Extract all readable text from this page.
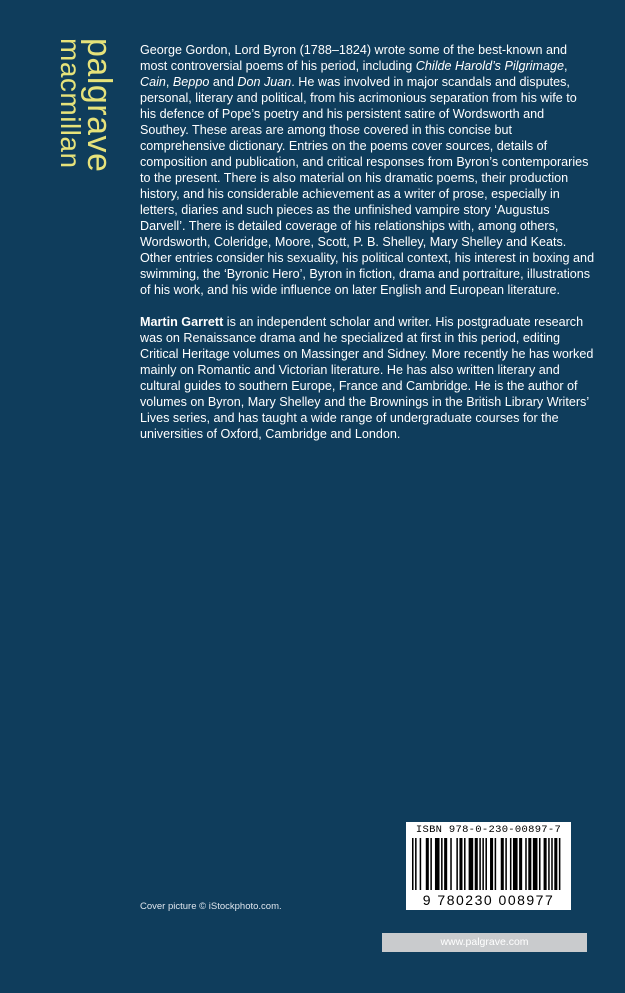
palgrave
macmillan	George Gordon, Lord Byron (1788–1824) wrote some of the best-known and most controversial poems of his period, including Childe Harold’s Pilgrimage, Cain, Beppo and Don Juan. He was involved in major scandals and disputes, personal, literary and political, from his acrimonious separation from his wife to his defence of Pope’s poetry and his persistent satire of Wordsworth and Southey. These areas are among those covered in this concise but comprehensive dictionary. Entries on the poems cover sources, details of composition and publication, and critical responses from Byron’s contemporaries to the present. There is also material on his dramatic poems, their production history, and his considerable achievement as a writer of prose, especially in letters, diaries and such pieces as the unfinished vampire story ‘Augustus Darvell’. There is detailed coverage of his relationships with, among others, Wordsworth, Coleridge, Moore, Scott, P. B. Shelley, Mary Shelley and Keats. Other entries consider his sexuality, his political context, his interest in boxing and swimming, the ‘Byronic Hero’, Byron in fiction, drama and portraiture, illustrations of his work, and his wide influence on later English and European literature.

Martin Garrett is an independent scholar and writer. His postgraduate research was on Renaissance drama and he specialized at first in this period, editing Critical Heritage volumes on Massinger and Sidney. More recently he has worked mainly on Romantic and Victorian literature. He has also written literary and cultural guides to southern Europe, France and Cambridge. He is the author of volumes on Byron, Mary Shelley and the Brownings in the British Library Writers’ Lives series, and has taught a wide range of undergraduate courses for the universities of Oxford, Cambridge and London.

ISBN 978-0-230-00897-7
9 780230 008977
Cover picture © iStockphoto.com.
www.palgrave.com
